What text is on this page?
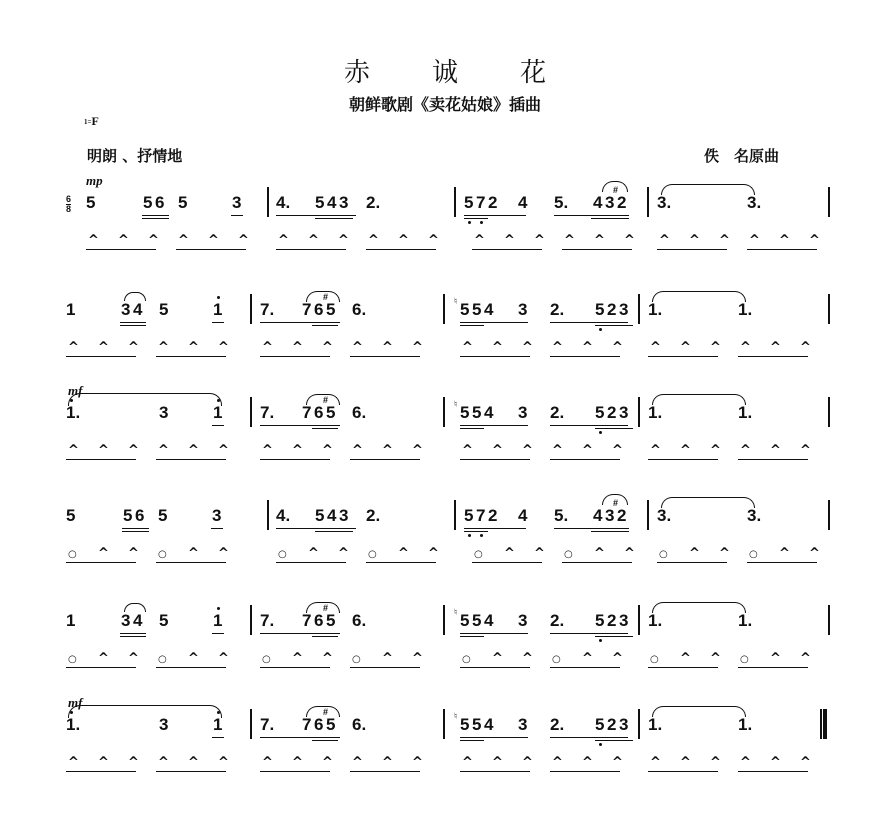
赤诚花
朝鲜歌剧《卖花姑娘》插曲
1=F
明朗 、抒情地	佚　名原曲
mp
$\frac{6}{8} 5$	5 6 5	3
^ ^ ^ ^ ^ ^
4. 5 4 3 2.
^ ^ ^ ^ ^ ^
5 7 2 4 5. 4 3 2
#
^ ^ ^ ^ ^ ^
3.	3.
^ ^ ^ ^ ^ ^
1	3 4 5	1
^ ^ ^ ^ ^ ^
7. 7 6 5
#
6.
^ ^ ^ ^ ^ ^
♮ 5 5 4 3 2. 5 2 3
^ ^ ^ ^ ^ ^
1.	1.
^ ^ ^ ^ ^ ^
mf
1.	3	1
^ ^ ^ ^ ^ ^
7. 7 6 5
#
6.
^ ^ ^ ^ ^ ^
♮ 5 5 4 3 2. 5 2 3
^ ^ ^ ^ ^ ^
1.	1.
^ ^ ^ ^ ^ ^
5	5 6 5	3
○ ^ ^ ○ ^ ^
4. 5 4 3 2.
○ ^ ^ ○ ^ ^
5 7 2 4 5. 4 3 2
#
○ ^ ^ ○ ^ ^
3.	3.
○ ^ ^ ○ ^ ^
1	3 4 5	1
○ ^ ^ ○ ^ ^
7. 7 6 5
#
6.
○ ^ ^ ○ ^ ^
♮ 5 5 4 3 2. 5 2 3
○ ^ ^ ○ ^ ^
1.	1.
○ ^ ^ ○ ^ ^
mf
1.	3	1
^ ^ ^ ^ ^ ^
7. 7 6 5
#
6.
^ ^ ^ ^ ^ ^
♮ 5 5 4 3 2. 5 2 3
^ ^ ^ ^ ^ ^
1.	1.
^ ^ ^ ^ ^ ^
